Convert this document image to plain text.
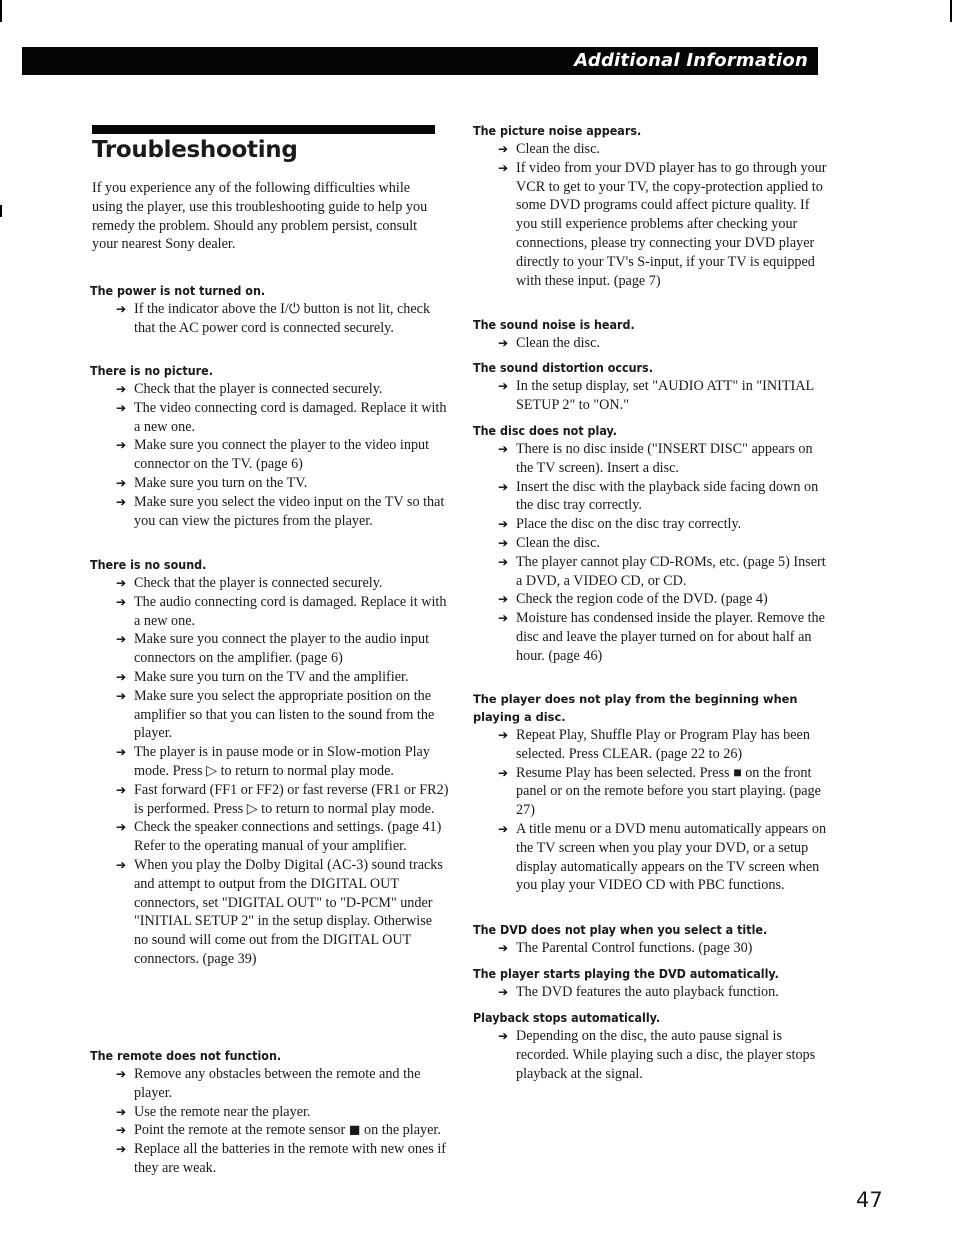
Additional Information
Troubleshooting

If you experience any of the following difficulties while using the player, use this troubleshooting guide to help you remedy the problem. Should any problem persist, consult your nearest Sony dealer.

The power is not turned on.
➔ If the indicator above the I/⏻ button is not lit, check that the AC power cord is connected securely.
There is no picture.
➔ Check that the player is connected securely.
➔ The video connecting cord is damaged. Replace it with a new one.
➔ Make sure you connect the player to the video input connector on the TV. (page 6)
➔ Make sure you turn on the TV.
➔ Make sure you select the video input on the TV so that you can view the pictures from the player.
There is no sound.
➔ Check that the player is connected securely.
➔ The audio connecting cord is damaged. Replace it with a new one.
➔ Make sure you connect the player to the audio input connectors on the amplifier. (page 6)
➔ Make sure you turn on the TV and the amplifier.
➔ Make sure you select the appropriate position on the amplifier so that you can listen to the sound from the player.
➔ The player is in pause mode or in Slow-motion Play mode. Press ▷ to return to normal play mode.
➔ Fast forward (FF1 or FF2) or fast reverse (FR1 or FR2) is performed. Press ▷ to return to normal play mode.
➔ Check the speaker connections and settings. (page 41) Refer to the operating manual of your amplifier.
➔ When you play the Dolby Digital (AC-3) sound tracks and attempt to output from the DIGITAL OUT connectors, set "DIGITAL OUT" to "D-PCM" under "INITIAL SETUP 2" in the setup display. Otherwise no sound will come out from the DIGITAL OUT connectors. (page 39)
The remote does not function.
➔ Remove any obstacles between the remote and the player.
➔ Use the remote near the player.
➔ Point the remote at the remote sensor ◼ on the player.
➔ Replace all the batteries in the remote with new ones if they are weak.
The picture noise appears.
➔ Clean the disc.
➔ If video from your DVD player has to go through your VCR to get to your TV, the copy-protection applied to some DVD programs could affect picture quality. If you still experience problems after checking your connections, please try connecting your DVD player directly to your TV's S-input, if your TV is equipped with these input. (page 7)
The sound noise is heard.
➔ Clean the disc.
The sound distortion occurs.
➔ In the setup display, set "AUDIO ATT" in "INITIAL SETUP 2" to "ON."
The disc does not play.
➔ There is no disc inside ("INSERT DISC" appears on the TV screen). Insert a disc.
➔ Insert the disc with the playback side facing down on the disc tray correctly.
➔ Place the disc on the disc tray correctly.
➔ Clean the disc.
➔ The player cannot play CD-ROMs, etc. (page 5) Insert a DVD, a VIDEO CD, or CD.
➔ Check the region code of the DVD. (page 4)
➔ Moisture has condensed inside the player. Remove the disc and leave the player turned on for about half an hour. (page 46)
The player does not play from the beginning when playing a disc.
➔ Repeat Play, Shuffle Play or Program Play has been selected. Press CLEAR. (page 22 to 26)
➔ Resume Play has been selected. Press ■ on the front panel or on the remote before you start playing. (page 27)
➔ A title menu or a DVD menu automatically appears on the TV screen when you play your DVD, or a setup display automatically appears on the TV screen when you play your VIDEO CD with PBC functions.
The DVD does not play when you select a title.
➔ The Parental Control functions. (page 30)
The player starts playing the DVD automatically.
➔ The DVD features the auto playback function.
Playback stops automatically.
➔ Depending on the disc, the auto pause signal is recorded. While playing such a disc, the player stops playback at the signal.
47
